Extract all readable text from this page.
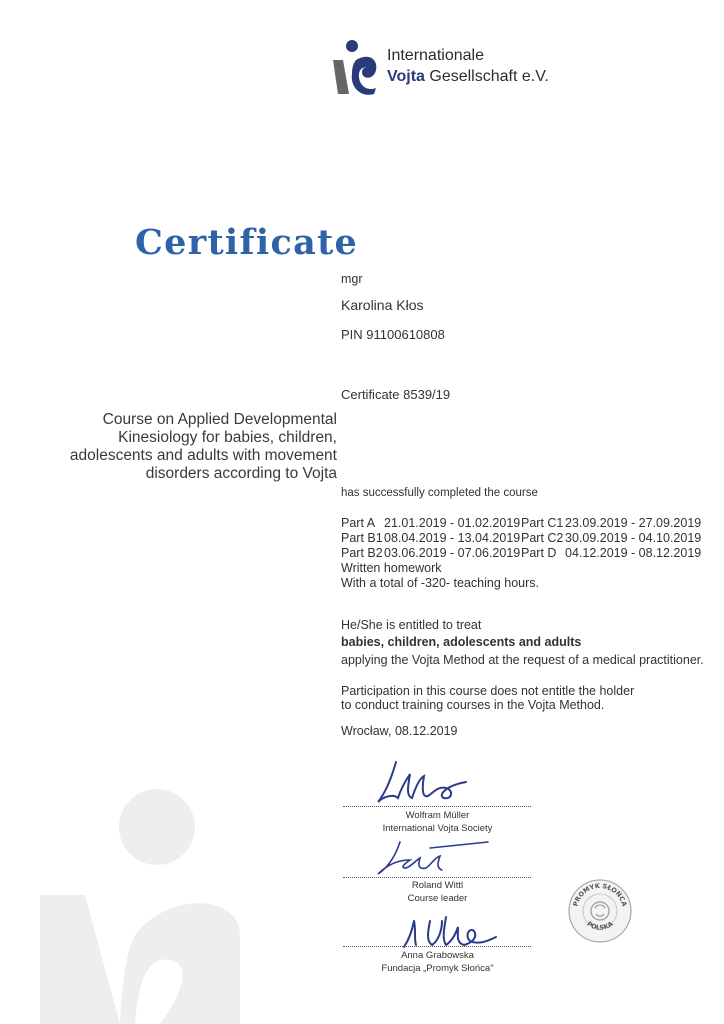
Internationale
Vojta Gesellschaft e.V.
Certificate
mgr
Karolina Kłos
PIN 91100610808
Certificate 8539/19
Course on Applied Developmental
Kinesiology for babies, children,
adolescents and adults with movement
disorders according to Vojta
has successfully completed the course
Part A 21.01.2019 - 01.02.2019
Part B1 08.04.2019 - 13.04.2019
Part B2 03.06.2019 - 07.06.2019
Part C1 23.09.2019 - 27.09.2019
Part C2 30.09.2019 - 04.10.2019
Part D 04.12.2019 - 08.12.2019
Written homework
With a total of -320- teaching hours.
He/She is entitled to treat
babies, children, adolescents and adults
applying the Vojta Method at the request of a medical practitioner.
Participation in this course does not entitle the holder
to conduct training courses in the Vojta Method.
Wrocław, 08.12.2019
Wolfram Müller
International Vojta Society
Roland Wittl
Course leader
Anna Grabowska
Fundacja „Promyk Słońca"
PROMYK SŁOŃCA
POLSKA
